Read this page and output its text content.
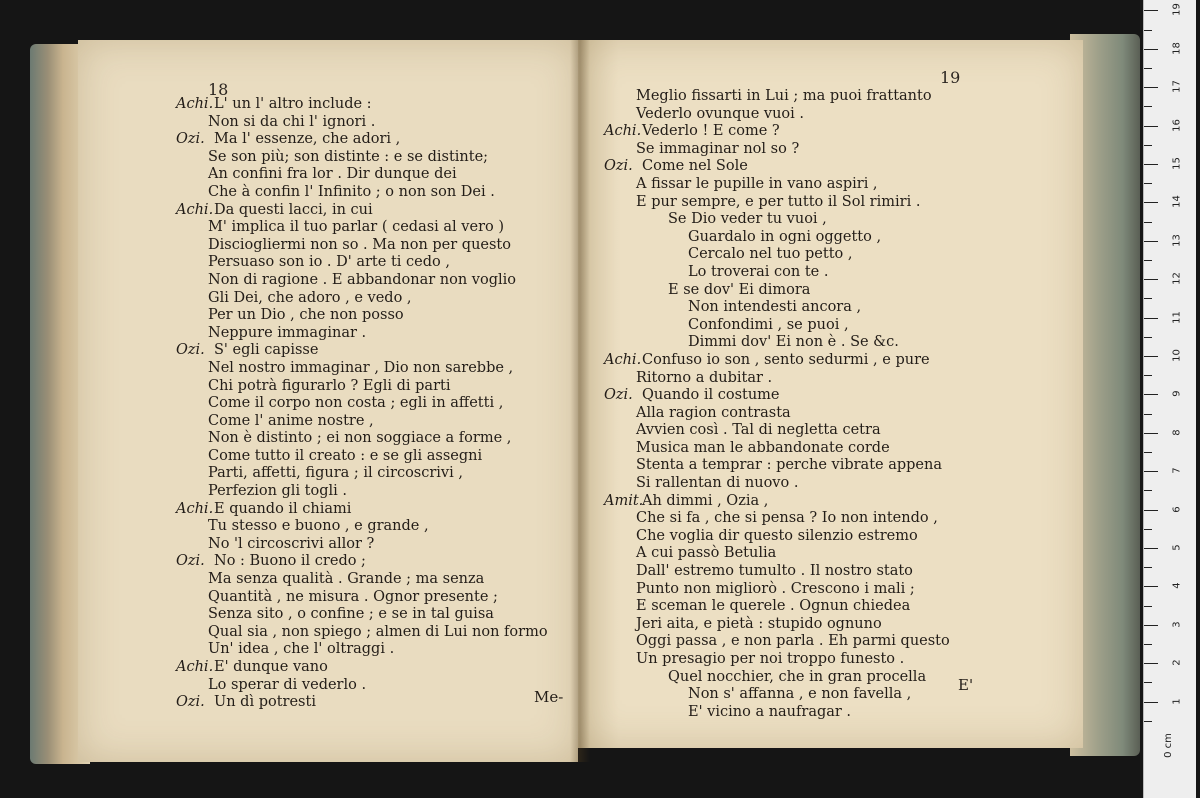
18
Achi.L' un l' altro include :
Non si da chi l' ignori .
Ozi. Ma l' essenze, che adori ,
Se son più; son distinte : e se distinte;
An confini fra lor . Dir dunque dei
Che à confin l' Infinito ; o non son Dei .
Achi.Da questi lacci, in cui
M' implica il tuo parlar ( cedasi al vero )
Disciogliermi non so . Ma non per questo
Persuaso son io . D' arte ti cedo ,
Non di ragione . E abbandonar non voglio
Gli Dei, che adoro , e vedo ,
Per un Dio , che non posso
Neppure immaginar .
Ozi. S' egli capisse
Nel nostro immaginar , Dio non sarebbe ,
Chi potrà figurarlo ? Egli di parti
Come il corpo non costa ; egli in affetti ,
Come l' anime nostre ,
Non è distinto ; ei non soggiace a forme ,
Come tutto il creato : e se gli assegni
Parti, affetti, figura ; il circoscrivi ,
Perfezion gli togli .
Achi.E quando il chiami
Tu stesso e buono , e grande ,
No 'l circoscrivi allor ?
Ozi. No : Buono il credo ;
Ma senza qualità . Grande ; ma senza
Quantità , ne misura . Ognor presente ;
Senza sito , o confine ; e se in tal guisa
Qual sia , non spiego ; almen di Lui non formo
Un' idea , che l' oltraggi .
Achi.E' dunque vano
Lo sperar di vederlo .
Ozi. Un dì potresti	Me-
19
Meglio fissarti in Lui ; ma puoi frattanto
Vederlo ovunque vuoi .
Achi.Vederlo ! E come ?
Se immaginar nol so ?
Ozi. Come nel Sole
A fissar le pupille in vano aspiri ,
E pur sempre, e per tutto il Sol rimiri .
Se Dio veder tu vuoi ,
Guardalo in ogni oggetto ,
Cercalo nel tuo petto ,
Lo troverai con te .
E se dov' Ei dimora
Non intendesti ancora ,
Confondimi , se puoi ,
Dimmi dov' Ei non è . Se &c.
Achi.Confuso io son , sento sedurmi , e pure
Ritorno a dubitar .
Ozi. Quando il costume
Alla ragion contrasta
Avvien così . Tal di negletta cetra
Musica man le abbandonate corde
Stenta a temprar : perche vibrate appena
Si rallentan di nuovo .
Amit.Ah dimmi , Ozia ,
Che si fa , che si pensa ? Io non intendo ,
Che voglia dir questo silenzio estremo
A cui passò Betulia
Dall' estremo tumulto . Il nostro stato
Punto non migliorò . Crescono i mali ;
E sceman le querele . Ognun chiedea
Jeri aita, e pietà : stupido ognuno
Oggi passa , e non parla . Eh parmi questo
Un presagio per noi troppo funesto .
Quel nocchier, che in gran procella
Non s' affanna , e non favella ,
E' vicino a naufragar .
E'
0 cm
1
2
3
4
5
6
7
8
9
10
11
12
13
14
15
16
17
18
19
